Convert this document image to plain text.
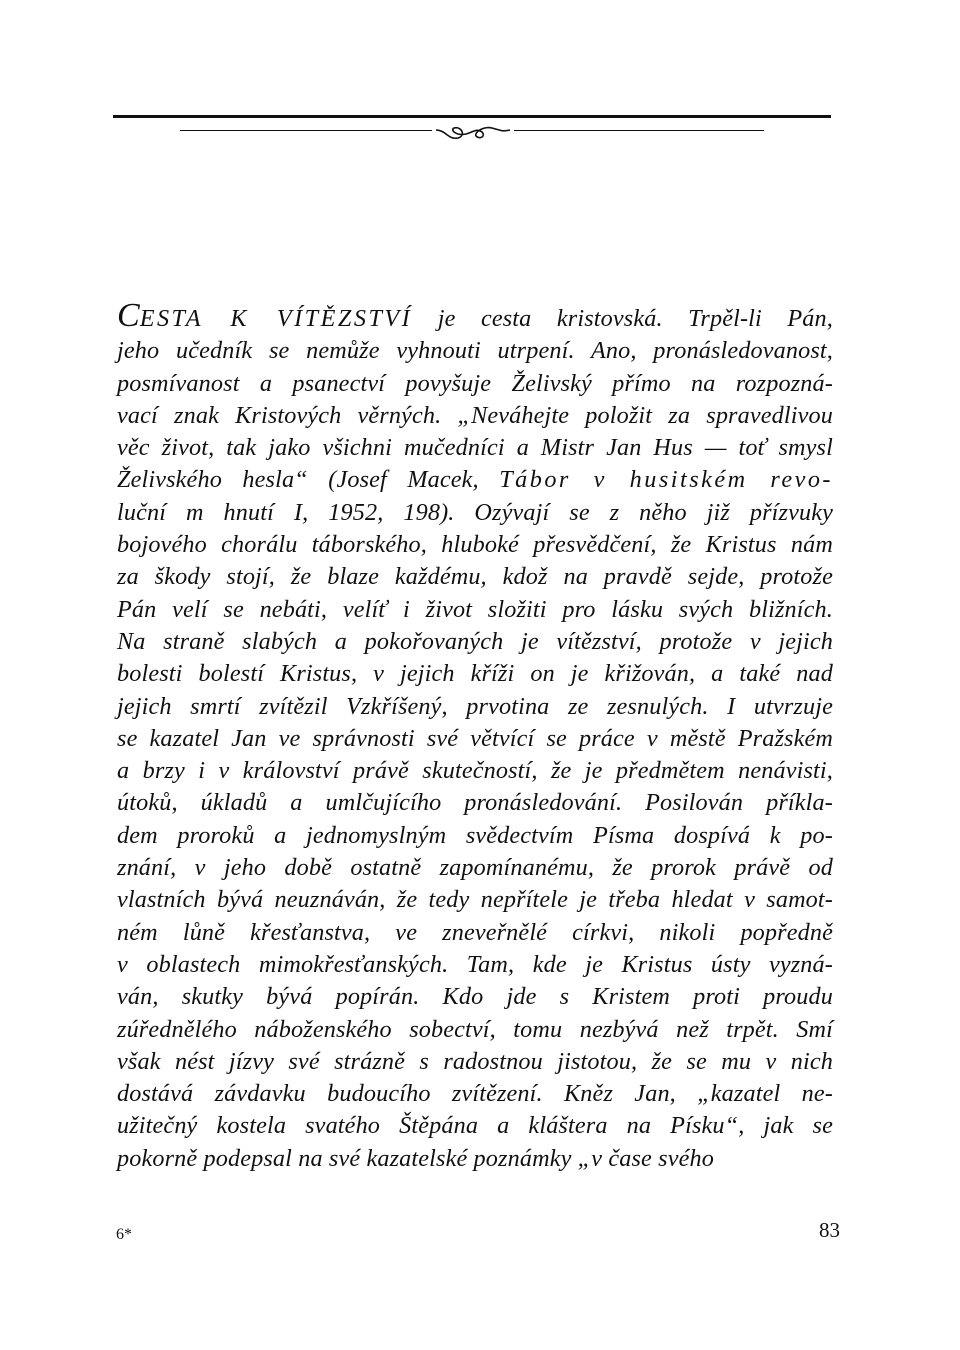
CESTA K VÍTĚZSTVÍ je cesta kristovská. Trpěl-li Pán,
jeho učedník se nemůže vyhnouti utrpení. Ano, pronásledovanost,
posmívanost a psanectví povyšuje Želivský přímo na rozpozná-
vací znak Kristových věrných. „Neváhejte položit za spravedlivou
věc život, tak jako všichni mučedníci a Mistr Jan Hus — toť smysl
Želivského hesla“ (Josef Macek, Tábor v husitském revo-
luční m hnutí I, 1952, 198). Ozývají se z něho již přízvuky
bojového chorálu táborského, hluboké přesvědčení, že Kristus nám
za škody stojí, že blaze každému, kdož na pravdě sejde, protože
Pán velí se nebáti, velíť i život složiti pro lásku svých bližních.
Na straně slabých a pokořovaných je vítězství, protože v jejich
bolesti bolestí Kristus, v jejich kříži on je křižován, a také nad
jejich smrtí zvítězil Vzkříšený, prvotina ze zesnulých. I utvrzuje
se kazatel Jan ve správnosti své větvící se práce v městě Pražském
a brzy i v království právě skutečností, že je předmětem nenávisti,
útoků, úkladů a umlčujícího pronásledování. Posilován příkla-
dem proroků a jednomyslným svědectvím Písma dospívá k po-
znání, v jeho době ostatně zapomínanému, že prorok právě od
vlastních bývá neuznáván, že tedy nepřítele je třeba hledat v samot-
ném lůně křesťanstva, ve zneveřnělé církvi, nikoli popředně
v oblastech mimokřesťanských. Tam, kde je Kristus ústy vyzná-
ván, skutky bývá popírán. Kdo jde s Kristem proti proudu
zúřednělého náboženského sobectví, tomu nezbývá než trpět. Smí
však nést jízvy své strázně s radostnou jistotou, že se mu v nich
dostává závdavku budoucího zvítězení. Kněz Jan, „kazatel ne-
užitečný kostela svatého Štěpána a kláštera na Písku“, jak se
pokorně podepsal na své kazatelské poznámky „v čase svého
6*	83
